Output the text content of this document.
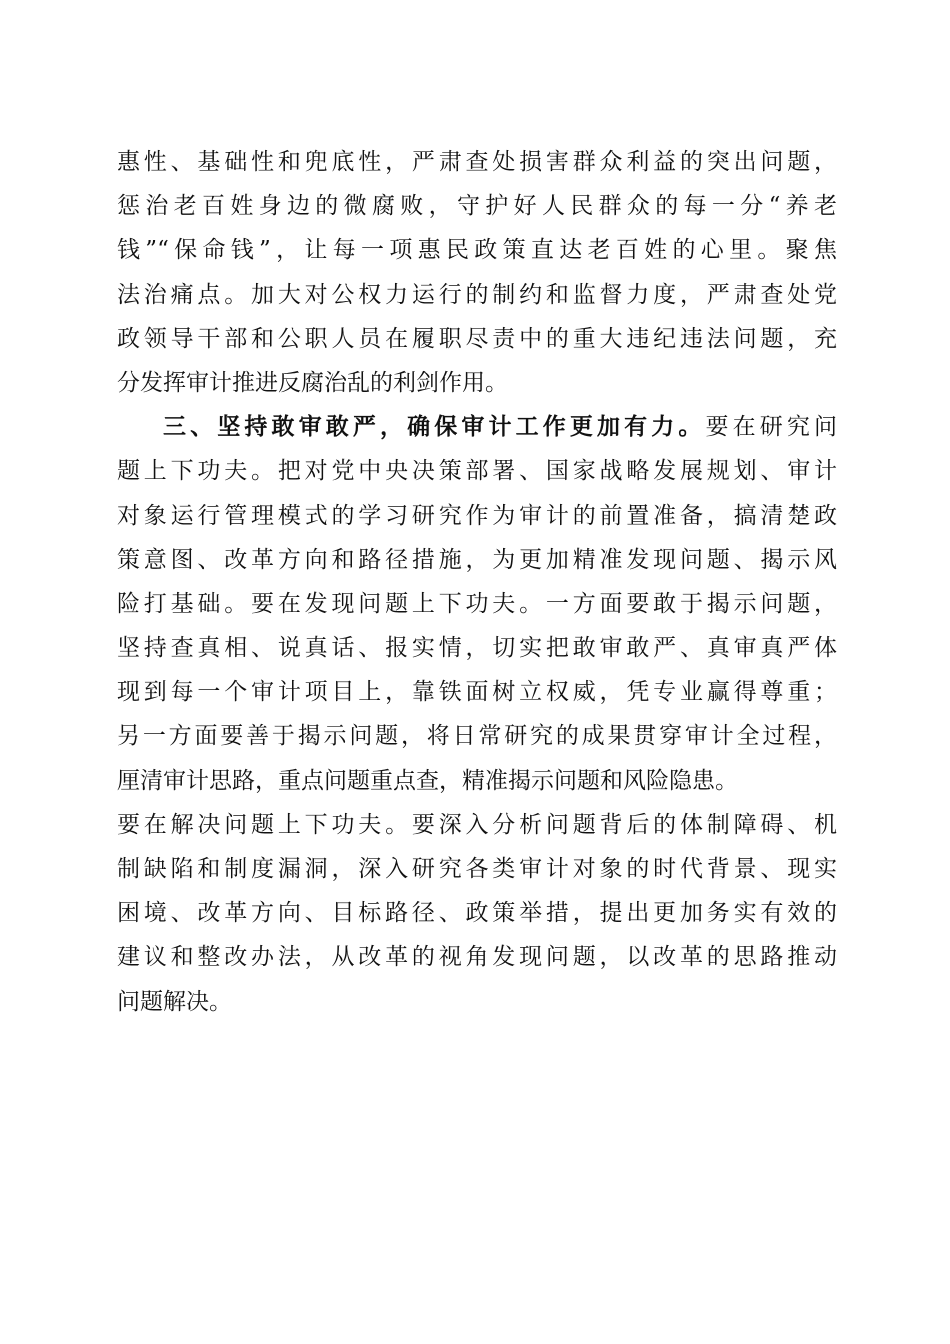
惠性、基础性和兜底性，严肃查处损害群众利益的突出问题，
惩治老百姓身边的微腐败，守护好人民群众的每一分“养老
钱”“保命钱”，让每一项惠民政策直达老百姓的心里。聚焦
法治痛点。加大对公权力运行的制约和监督力度，严肃查处党
政领导干部和公职人员在履职尽责中的重大违纪违法问题，充
分发挥审计推进反腐治乱的利剑作用。
三、坚持敢审敢严，确保审计工作更加有力。要在研究问
题上下功夫。把对党中央决策部署、国家战略发展规划、审计
对象运行管理模式的学习研究作为审计的前置准备，搞清楚政
策意图、改革方向和路径措施，为更加精准发现问题、揭示风
险打基础。要在发现问题上下功夫。一方面要敢于揭示问题，
坚持查真相、说真话、报实情，切实把敢审敢严、真审真严体
现到每一个审计项目上，靠铁面树立权威，凭专业赢得尊重；
另一方面要善于揭示问题，将日常研究的成果贯穿审计全过程，
厘清审计思路，重点问题重点查，精准揭示问题和风险隐患。
要在解决问题上下功夫。要深入分析问题背后的体制障碍、机
制缺陷和制度漏洞，深入研究各类审计对象的时代背景、现实
困境、改革方向、目标路径、政策举措，提出更加务实有效的
建议和整改办法，从改革的视角发现问题，以改革的思路推动
问题解决。
